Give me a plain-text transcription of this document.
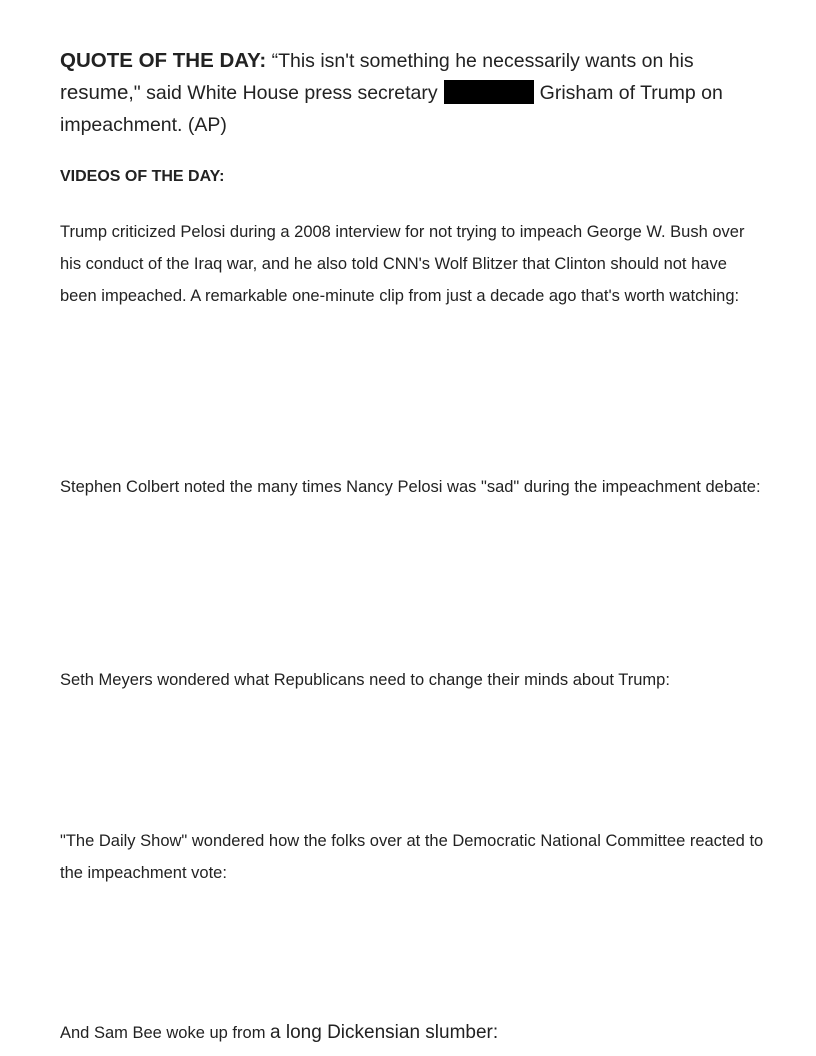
QUOTE OF THE DAY: “This isn't something he necessarily wants on his resume," said White House press secretary	Grisham of Trump on impeachment. (AP)
VIDEOS OF THE DAY:
Trump criticized Pelosi during a 2008 interview for not trying to impeach George W. Bush over his conduct of the Iraq war, and he also told CNN's Wolf Blitzer that Clinton should not have been impeached. A remarkable one-minute clip from just a decade ago that's worth watching:
Stephen Colbert noted the many times Nancy Pelosi was "sad" during the impeachment debate:
Seth Meyers wondered what Republicans need to change their minds about Trump:
"The Daily Show" wondered how the folks over at the Democratic National Committee reacted to the impeachment vote:
And Sam Bee woke up from a long Dickensian slumber:
